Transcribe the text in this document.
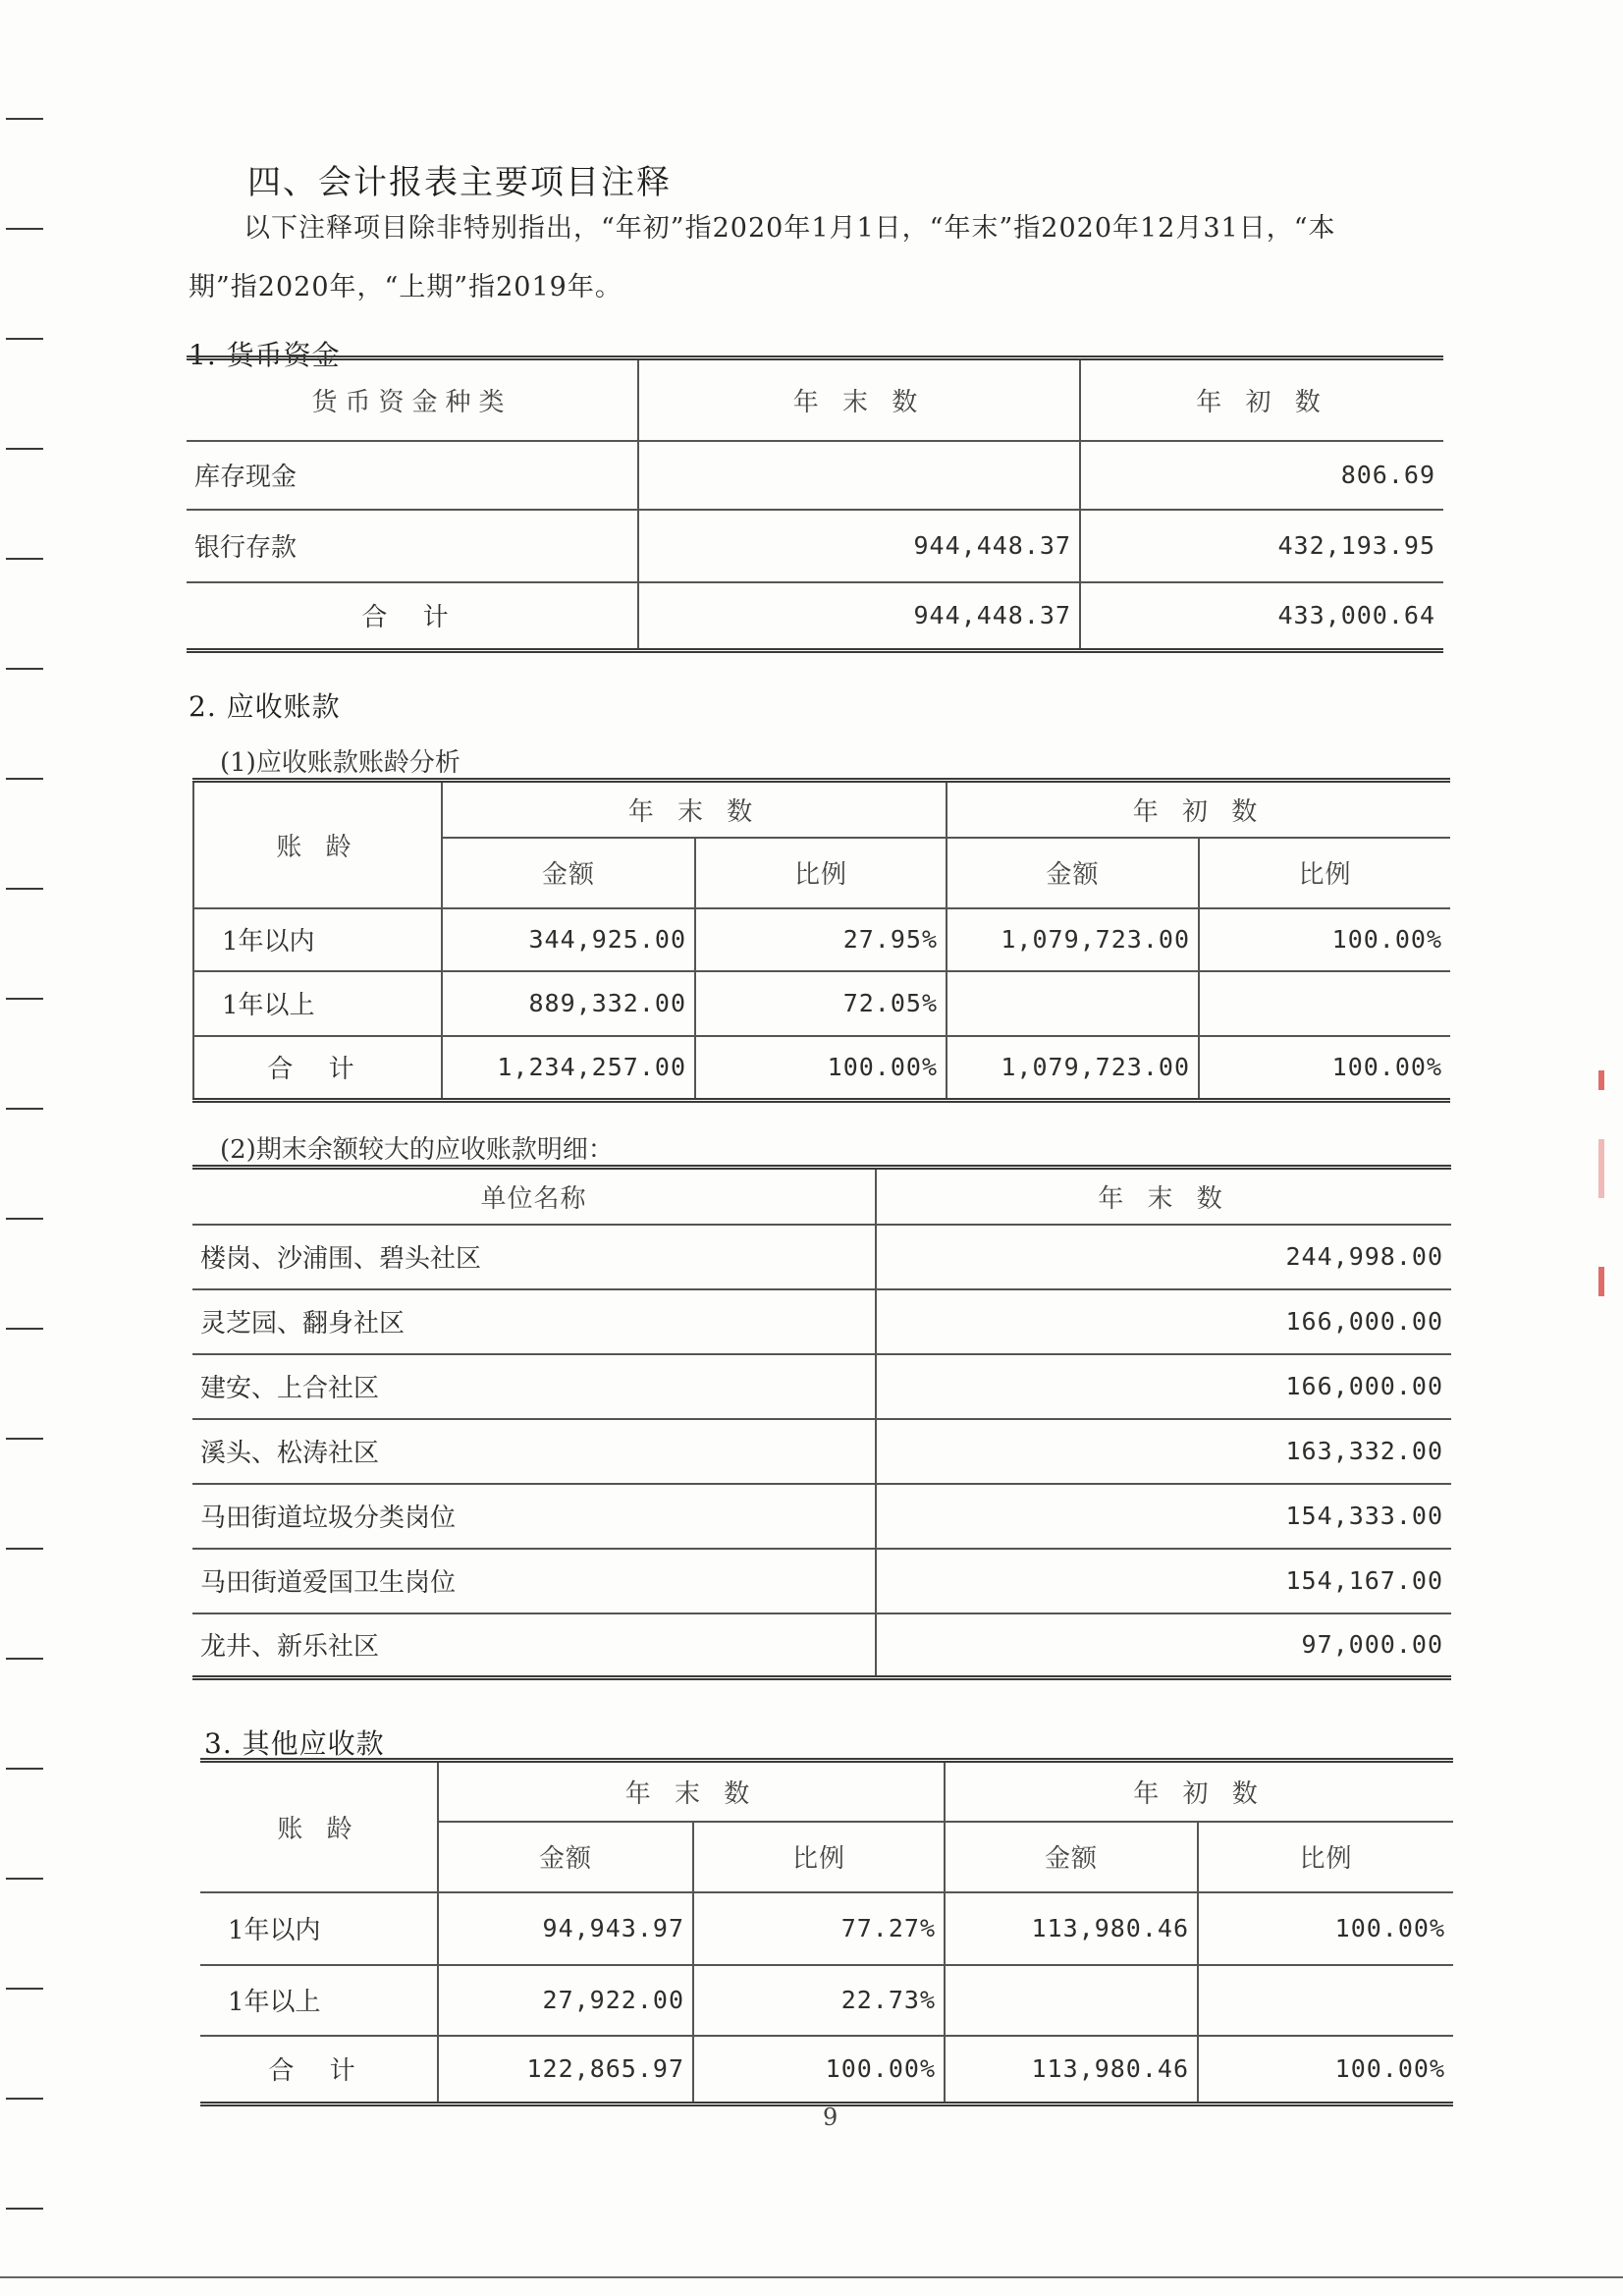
四、会计报表主要项目注释
以下注释项目除非特别指出，“年初”指2020年1月1日，“年末”指2020年12月31日，“本
期”指2020年，“上期”指2019年。
1. 货币资金
货币资金种类	年 末 数	年 初 数
库存现金		806.69
银行存款	944,448.37	432,193.95
合 计	944,448.37	433,000.64
2. 应收账款
(1)应收账款账龄分析
账 龄	年 末 数		年 初 数	
	金额	比例	金额	比例
1年以内	344,925.00	27.95%	1,079,723.00	100.00%
1年以上	889,332.00	72.05%		
合 计	1,234,257.00	100.00%	1,079,723.00	100.00%
(2)期末余额较大的应收账款明细：
单位名称	年 末 数
楼岗、沙浦围、碧头社区	244,998.00
灵芝园、翻身社区	166,000.00
建安、上合社区	166,000.00
溪头、松涛社区	163,332.00
马田街道垃圾分类岗位	154,333.00
马田街道爱国卫生岗位	154,167.00
龙井、新乐社区	97,000.00
3. 其他应收款
账 龄	年 末 数		年 初 数	
	金额	比例	金额	比例
1年以内	94,943.97	77.27%	113,980.46	100.00%
1年以上	27,922.00	22.73%		
合 计	122,865.97	100.00%	113,980.46	100.00%
9
